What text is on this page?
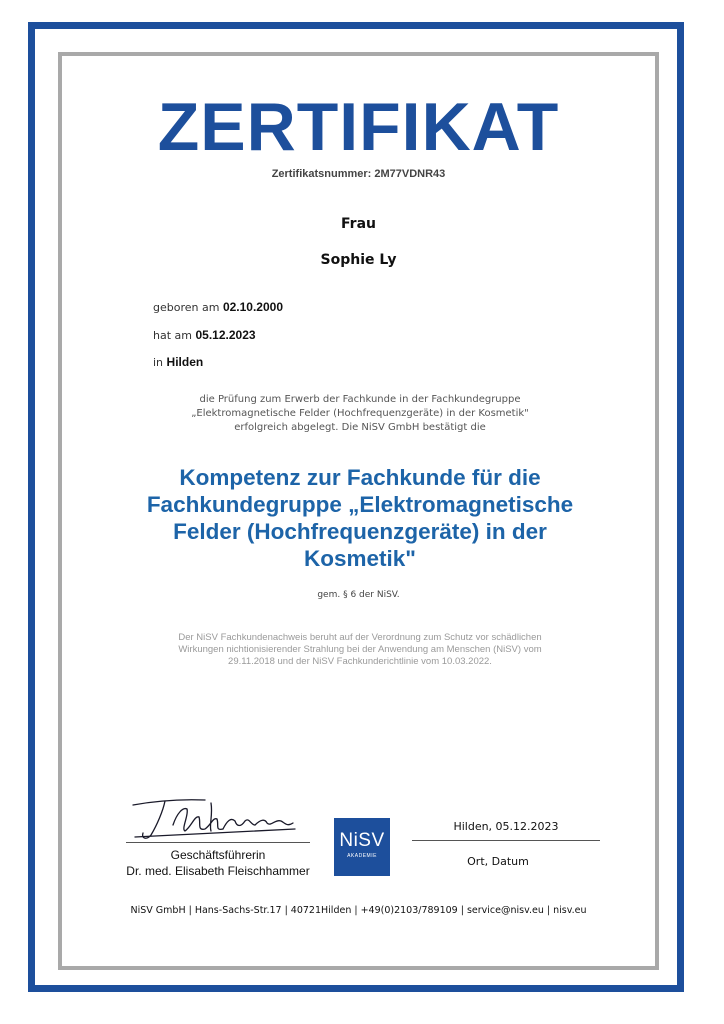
ZERTIFIKAT
Zertifikatsnummer: 2M77VDNR43
Frau
Sophie Ly
geboren am 02.10.2000
hat am 05.12.2023
in Hilden
die Prüfung zum Erwerb der Fachkunde in der Fachkundegruppe
„Elektromagnetische Felder (Hochfrequenzgeräte) in der Kosmetik"
erfolgreich abgelegt. Die NiSV GmbH bestätigt die
Kompetenz zur Fachkunde für die
Fachkundegruppe „Elektromagnetische
Felder (Hochfrequenzgeräte) in der
Kosmetik"
gem. § 6 der NiSV.
Der NiSV Fachkundenachweis beruht auf der Verordnung zum Schutz vor schädlichen
Wirkungen nichtionisierender Strahlung bei der Anwendung am Menschen (NiSV) vom
29.11.2018 und der NiSV Fachkunderichtlinie vom 10.03.2022.
Geschäftsführerin
Dr. med. Elisabeth Fleischhammer
NiSV
AKADEMIE
Hilden, 05.12.2023
Ort, Datum
NiSV GmbH | Hans-Sachs-Str.17 | 40721Hilden | +49(0)2103/789109 | service@nisv.eu | nisv.eu
